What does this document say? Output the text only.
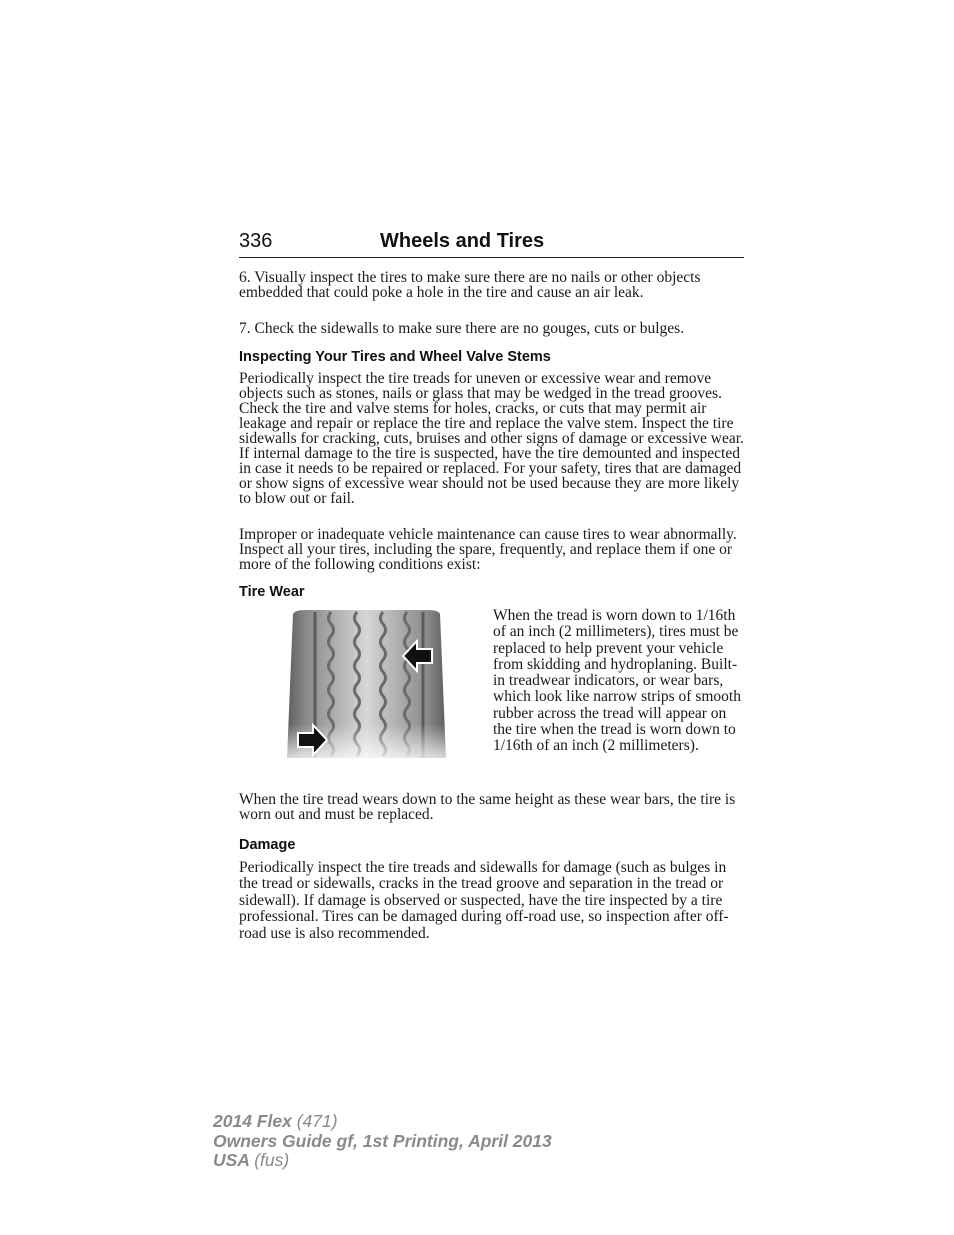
336	Wheels and Tires

6. Visually inspect the tires to make sure there are no nails or other objects embedded that could poke a hole in the tire and cause an air leak.

7. Check the sidewalls to make sure there are no gouges, cuts or bulges.

Inspecting Your Tires and Wheel Valve Stems

Periodically inspect the tire treads for uneven or excessive wear and remove objects such as stones, nails or glass that may be wedged in the tread grooves. Check the tire and valve stems for holes, cracks, or cuts that may permit air leakage and repair or replace the tire and replace the valve stem. Inspect the tire sidewalls for cracking, cuts, bruises and other signs of damage or excessive wear. If internal damage to the tire is suspected, have the tire demounted and inspected in case it needs to be repaired or replaced. For your safety, tires that are damaged or show signs of excessive wear should not be used because they are more likely to blow out or fail.

Improper or inadequate vehicle maintenance can cause tires to wear abnormally. Inspect all your tires, including the spare, frequently, and replace them if one or more of the following conditions exist:

Tire Wear
When the tread is worn down to 1/16th of an inch (2 millimeters), tires must be replaced to help prevent your vehicle from skidding and hydroplaning. Built-in treadwear indicators, or wear bars, which look like narrow strips of smooth rubber across the tread will appear on the tire when the tread is worn down to 1/16th of an inch (2 millimeters).

When the tire tread wears down to the same height as these wear bars, the tire is worn out and must be replaced.

Damage

Periodically inspect the tire treads and sidewalls for damage (such as bulges in the tread or sidewalls, cracks in the tread groove and separation in the tread or sidewall). If damage is observed or suspected, have the tire inspected by a tire professional. Tires can be damaged during off-road use, so inspection after off-road use is also recommended.

2014 Flex (471)
Owners Guide gf, 1st Printing, April 2013
USA (fus)
